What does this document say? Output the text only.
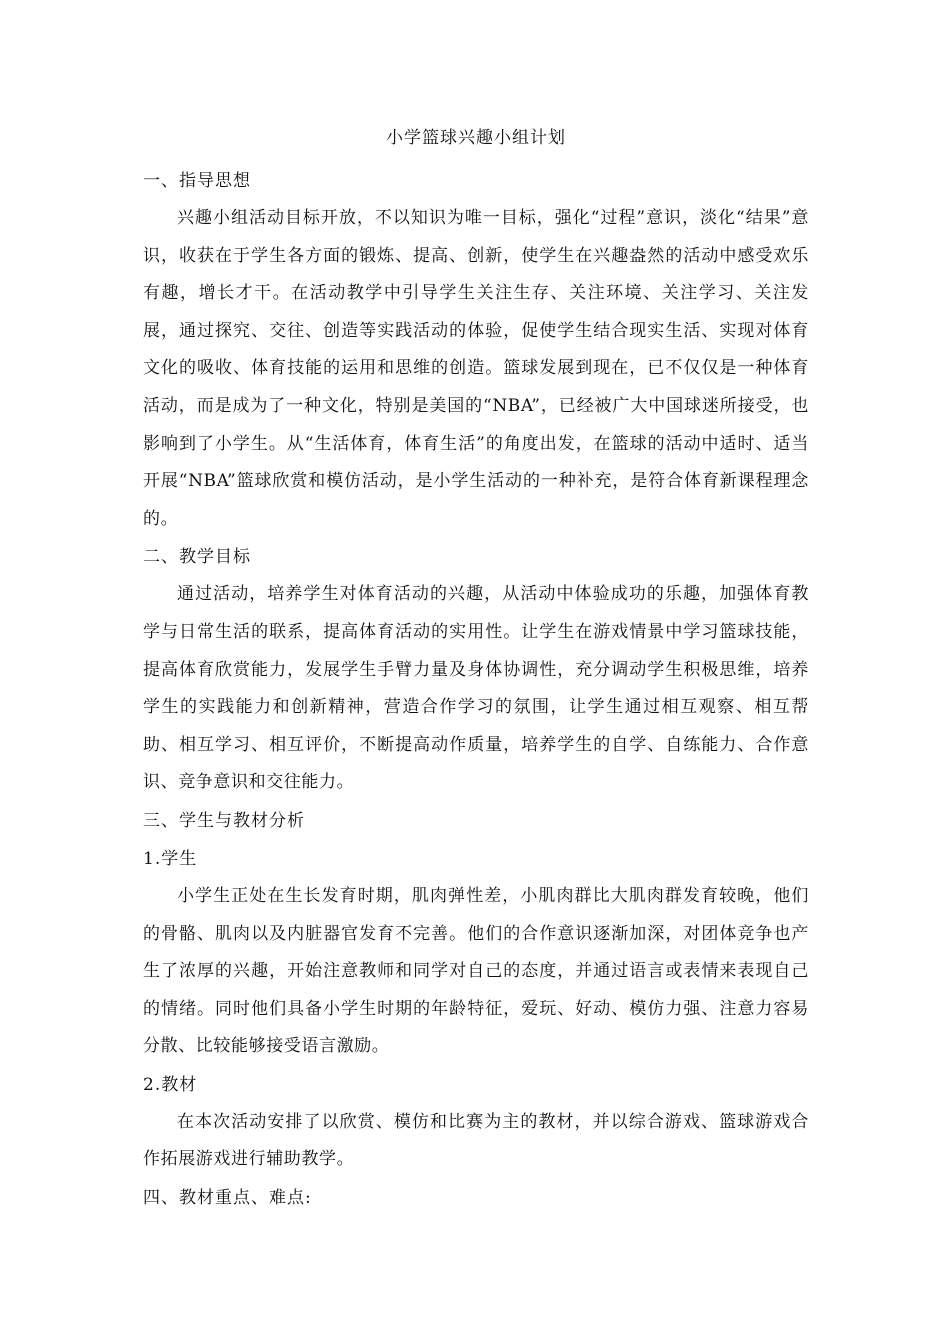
小学篮球兴趣小组计划
一、指导思想

兴趣小组活动目标开放，不以知识为唯一目标，强化“过程”意识，淡化“结果”意识，收获在于学生各方面的锻炼、提高、创新，使学生在兴趣盎然的活动中感受欢乐有趣，增长才干。在活动教学中引导学生关注生存、关注环境、关注学习、关注发展，通过探究、交往、创造等实践活动的体验，促使学生结合现实生活、实现对体育文化的吸收、体育技能的运用和思维的创造。篮球发展到现在，已不仅仅是一种体育活动，而是成为了一种文化，特别是美国的“NBA”，已经被广大中国球迷所接受，也影响到了小学生。从“生活体育，体育生活”的角度出发，在篮球的活动中适时、适当开展“NBA”篮球欣赏和模仿活动，是小学生活动的一种补充，是符合体育新课程理念的。

二、教学目标

通过活动，培养学生对体育活动的兴趣，从活动中体验成功的乐趣，加强体育教学与日常生活的联系，提高体育活动的实用性。让学生在游戏情景中学习篮球技能，提高体育欣赏能力，发展学生手臂力量及身体协调性，充分调动学生积极思维，培养学生的实践能力和创新精神，营造合作学习的氛围，让学生通过相互观察、相互帮助、相互学习、相互评价，不断提高动作质量，培养学生的自学、自练能力、合作意识、竞争意识和交往能力。

三、学生与教材分析
1.学生

小学生正处在生长发育时期，肌肉弹性差，小肌肉群比大肌肉群发育较晚，他们的骨骼、肌肉以及内脏器官发育不完善。他们的合作意识逐渐加深，对团体竞争也产生了浓厚的兴趣，开始注意教师和同学对自己的态度，并通过语言或表情来表现自己的情绪。同时他们具备小学生时期的年龄特征，爱玩、好动、模仿力强、注意力容易分散、比较能够接受语言激励。

2.教材

在本次活动安排了以欣赏、模仿和比赛为主的教材，并以综合游戏、篮球游戏合作拓展游戏进行辅助教学。

四、教材重点、难点:
